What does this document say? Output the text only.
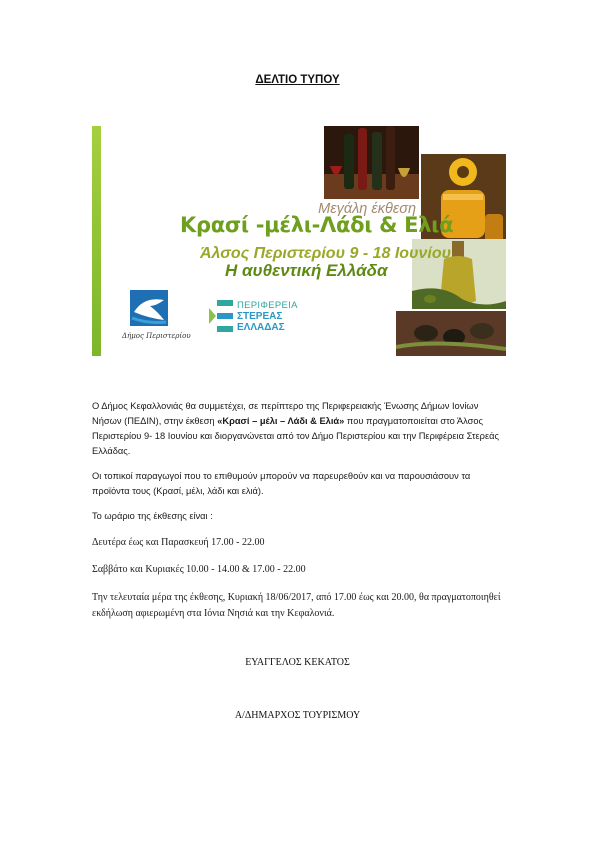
ΔΕΛΤΙΟ ΤΥΠΟΥ
Μεγάλη έκθεση
Κρασί -μέλι-Λάδι & Ελιά
Άλσος Περιστερίου 9 - 18 Ιουνίου
Η αυθεντική Ελλάδα
Δήμος Περιστερίου
ΠΕΡΙΦΕΡΕΙΑ
ΣΤΕΡΕΑΣ
ΕΛΛΑΔΑΣ

Ο Δήμος Κεφαλλονιάς θα συμμετέχει, σε περίπτερο της Περιφερειακής Ένωσης Δήμων Ιονίων Νήσων (ΠΕΔΙΝ), στην έκθεση «Κρασί – μέλι – Λάδι & Ελιά» που πραγματοποιείται στο Άλσος Περιστερίου 9- 18 Ιουνίου και διοργανώνεται από τον Δήμο Περιστερίου και την Περιφέρεια Στερεάς Ελλάδας.

Οι τοπικοί παραγωγοί που το επιθυμούν μπορούν να παρευρεθούν και να παρουσιάσουν τα προϊόντα τους (Κρασί, μέλι, λάδι και ελιά).

Το ωράριο της έκθεσης είναι :

Δευτέρα έως και Παρασκευή 17.00 - 22.00
Σαββάτο και Κυριακές 10.00 - 14.00 & 17.00 - 22.00
Την τελευταία μέρα της έκθεσης, Κυριακή 18/06/2017, από 17.00 έως και 20.00, θα πραγματοποιηθεί εκδήλωση αφιερωμένη στα Ιόνια Νησιά και την Κεφαλονιά.
ΕΥΑΓΓΕΛΟΣ ΚΕΚΑΤΟΣ
Α/ΔΗΜΑΡΧΟΣ ΤΟΥΡΙΣΜΟΥ
